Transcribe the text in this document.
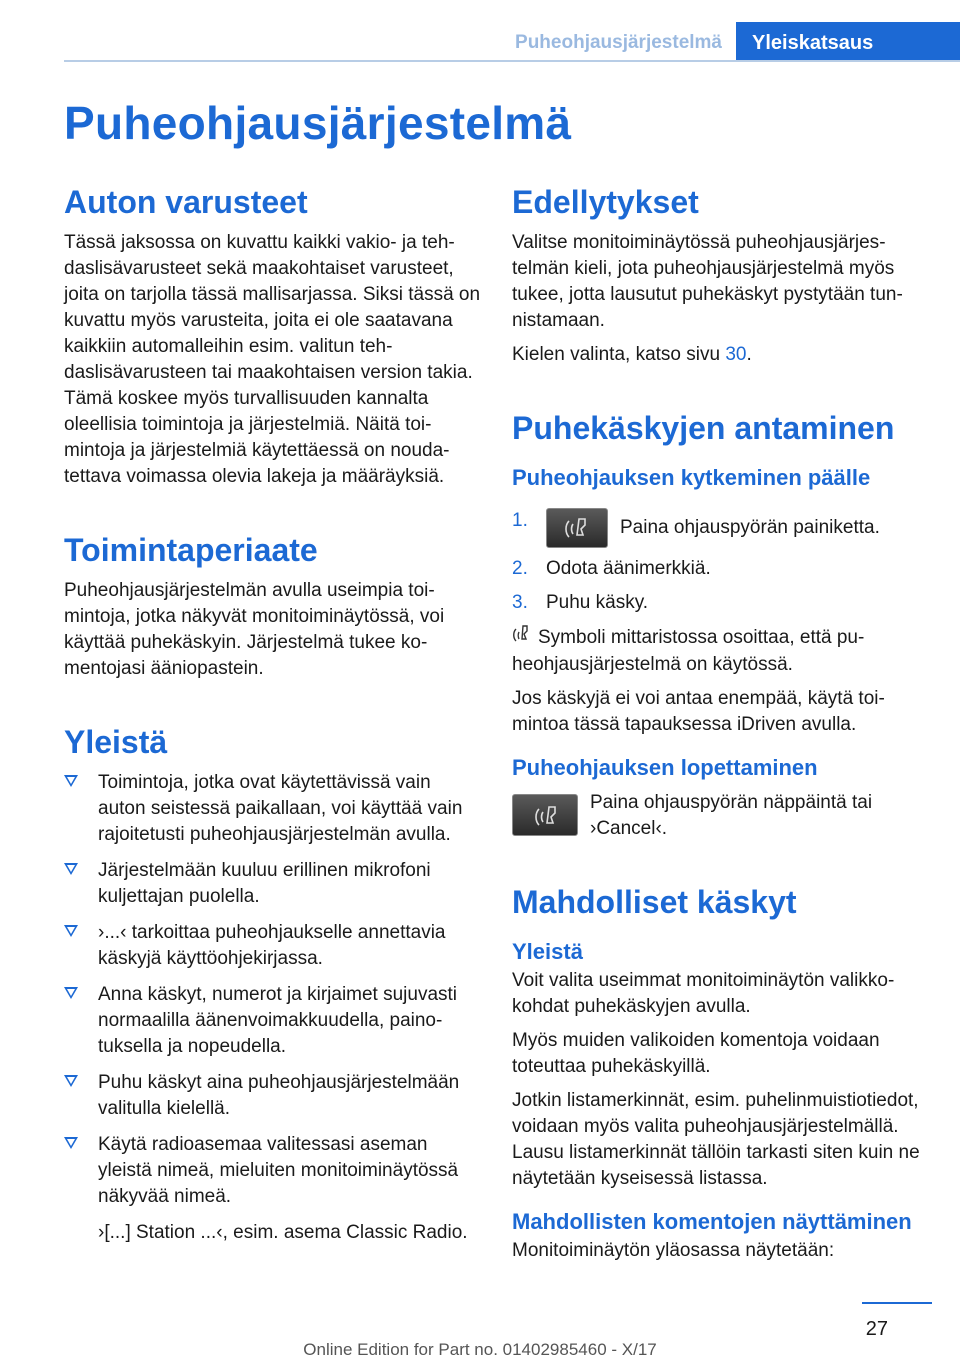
Puheohjausjärjestelmä	Yleiskatsaus
Puheohjausjärjestelmä
Auton varusteet

Tässä jaksossa on kuvattu kaikki vakio- ja tehdaslisävarusteet sekä maakohtaiset varusteet, joita on tarjolla tässä mallisarjassa. Siksi tässä on kuvattu myös varusteita, joita ei ole saatavana kaikkiin automalleihin esim. valitun tehdaslisävarusteen tai maakohtaisen version takia. Tämä koskee myös turvallisuuden kannalta oleellisia toimintoja ja järjestelmiä. Näitä toimintoja ja järjestelmiä käytettäessä on noudatettava voimassa olevia lakeja ja määräyksiä.

Toimintaperiaate

Puheohjausjärjestelmän avulla useimpia toimintoja, jotka näkyvät monitoiminäytössä, voi käyttää puhekäskyin. Järjestelmä tukee komentojasi ääniopastein.

Yleistä
Toimintoja, jotka ovat käytettävissä vain auton seistessä paikallaan, voi käyttää vain rajoitetusti puheohjausjärjestelmän avulla.
Järjestelmään kuuluu erillinen mikrofoni kuljettajan puolella.
›...‹ tarkoittaa puheohjaukselle annettavia käskyjä käyttöohjekirjassa.
Anna käskyt, numerot ja kirjaimet sujuvasti normaalilla äänenvoimakkuudella, painotuksella ja nopeudella.
Puhu käskyt aina puheohjausjärjestelmään valitulla kielellä.
Käytä radioasemaa valitessasi aseman yleistä nimeä, mieluiten monitoiminäytössä näkyvää nimeä.
›[...] Station ...‹, esim. asema Classic Radio.
Edellytykset

Valitse monitoiminäytössä puheohjausjärjestelmän kieli, jota puheohjausjärjestelmä myös tukee, jotta lausutut puhekäskyt pystytään tunnistamaan.

Kielen valinta, katso sivu 30.

Puhekäskyjen antaminen
Puheohjauksen kytkeminen päälle
1.	Paina ohjauspyörän painiketta.
2. Odota äänimerkkiä.
3. Puhu käsky.

Symboli mittaristossa osoittaa, että puheohjausjärjestelmä on käytössä.

Jos käskyjä ei voi antaa enempää, käytä toimintoa tässä tapauksessa iDriven avulla.

Puheohjauksen lopettaminen

Paina ohjauspyörän näppäintä tai ›Cancel‹.

Mahdolliset käskyt
Yleistä

Voit valita useimmat monitoiminäytön valikkokohdat puhekäskyjen avulla.

Myös muiden valikoiden komentoja voidaan toteuttaa puhekäskyillä.

Jotkin listamerkinnät, esim. puhelinmuistiotiedot, voidaan myös valita puheohjausjärjestelmällä. Lausu listamerkinnät tällöin tarkasti siten kuin ne näytetään kyseisessä listassa.

Mahdollisten komentojen näyttäminen

Monitoiminäytön yläosassa näytetään:

27
Online Edition for Part no. 01402985460 - X/17
